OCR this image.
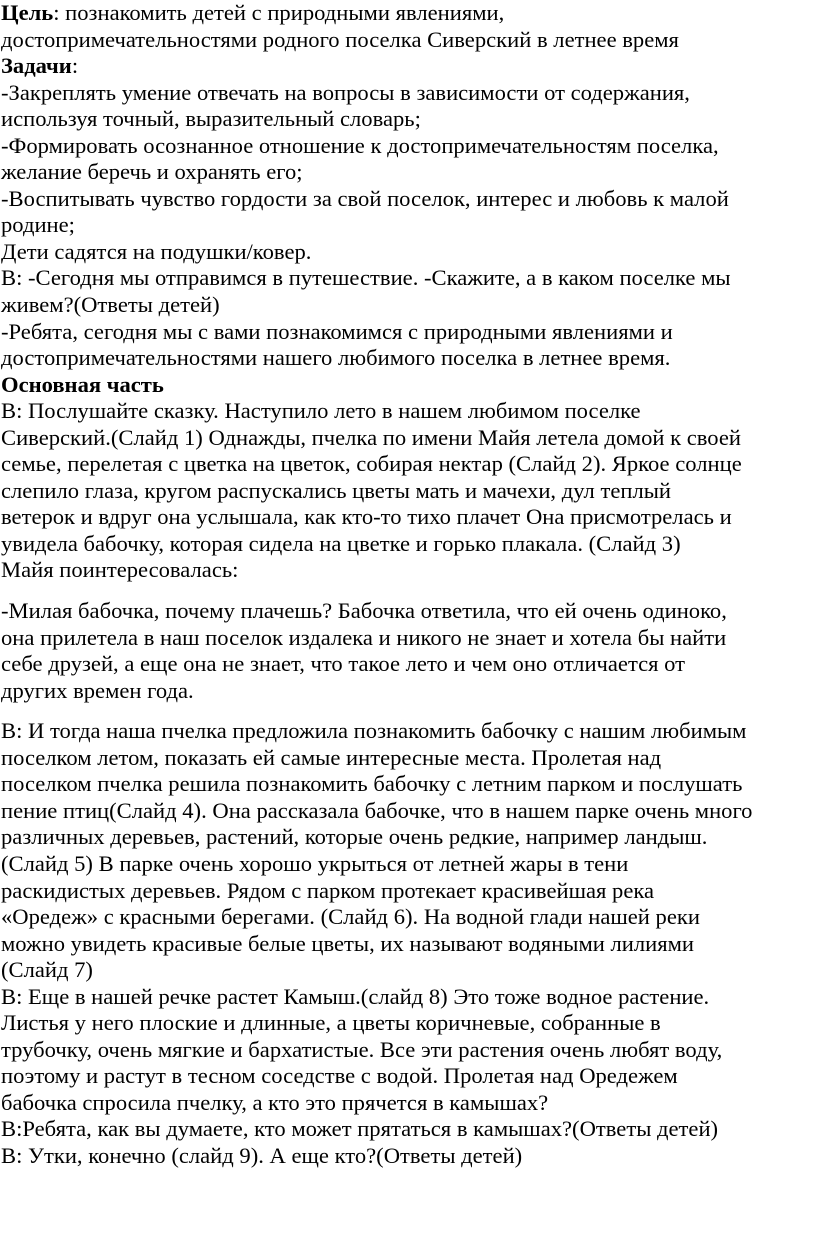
Цель: познакомить детей с природными явлениями,
достопримечательностями родного поселка Сиверский в летнее время
Задачи:
-Закреплять умение отвечать на вопросы в зависимости от содержания,
используя точный, выразительный словарь;
-Формировать осознанное отношение к достопримечательностям поселка,
желание беречь и охранять его;
-Воспитывать чувство гордости за свой поселок, интерес и любовь к малой
родине;
Дети садятся на подушки/ковер.
В: -Сегодня мы отправимся в путешествие. -Скажите, а в каком поселке мы
живем?(Ответы детей)
-Ребята, сегодня мы с вами познакомимся с природными явлениями и
достопримечательностями нашего любимого поселка в летнее время.
Основная часть
В: Послушайте сказку. Наступило лето в нашем любимом поселке
Сиверский.(Слайд 1) Однажды, пчелка по имени Майя летела домой к своей
семье, перелетая с цветка на цветок, собирая нектар (Слайд 2). Яркое солнце
слепило глаза, кругом распускались цветы мать и мачехи, дул теплый
ветерок и вдруг она услышала, как кто-то тихо плачет Она присмотрелась и
увидела бабочку, которая сидела на цветке и горько плакала. (Слайд 3)
Майя поинтересовалась:
-Милая бабочка, почему плачешь? Бабочка ответила, что ей очень одиноко,
она прилетела в наш поселок издалека и никого не знает и хотела бы найти
себе друзей, а еще она не знает, что такое лето и чем оно отличается от
других времен года.
В: И тогда наша пчелка предложила познакомить бабочку с нашим любимым
поселком летом, показать ей самые интересные места. Пролетая над
поселком пчелка решила познакомить бабочку с летним парком и послушать
пение птиц(Слайд 4). Она рассказала бабочке, что в нашем парке очень много
различных деревьев, растений, которые очень редкие, например ландыш.
(Слайд 5) В парке очень хорошо укрыться от летней жары в тени
раскидистых деревьев. Рядом с парком протекает красивейшая река
«Оредеж» с красными берегами. (Слайд 6). На водной глади нашей реки
можно увидеть красивые белые цветы, их называют водяными лилиями
(Слайд 7)
В: Еще в нашей речке растет Камыш.(слайд 8) Это тоже водное растение.
Листья у него плоские и длинные, а цветы коричневые, собранные в
трубочку, очень мягкие и бархатистые. Все эти растения очень любят воду,
поэтому и растут в тесном соседстве с водой. Пролетая над Оредежем
бабочка спросила пчелку, а кто это прячется в камышах?
В:Ребята, как вы думаете, кто может прятаться в камышах?(Ответы детей)
В: Утки, конечно (слайд 9). А еще кто?(Ответы детей)
